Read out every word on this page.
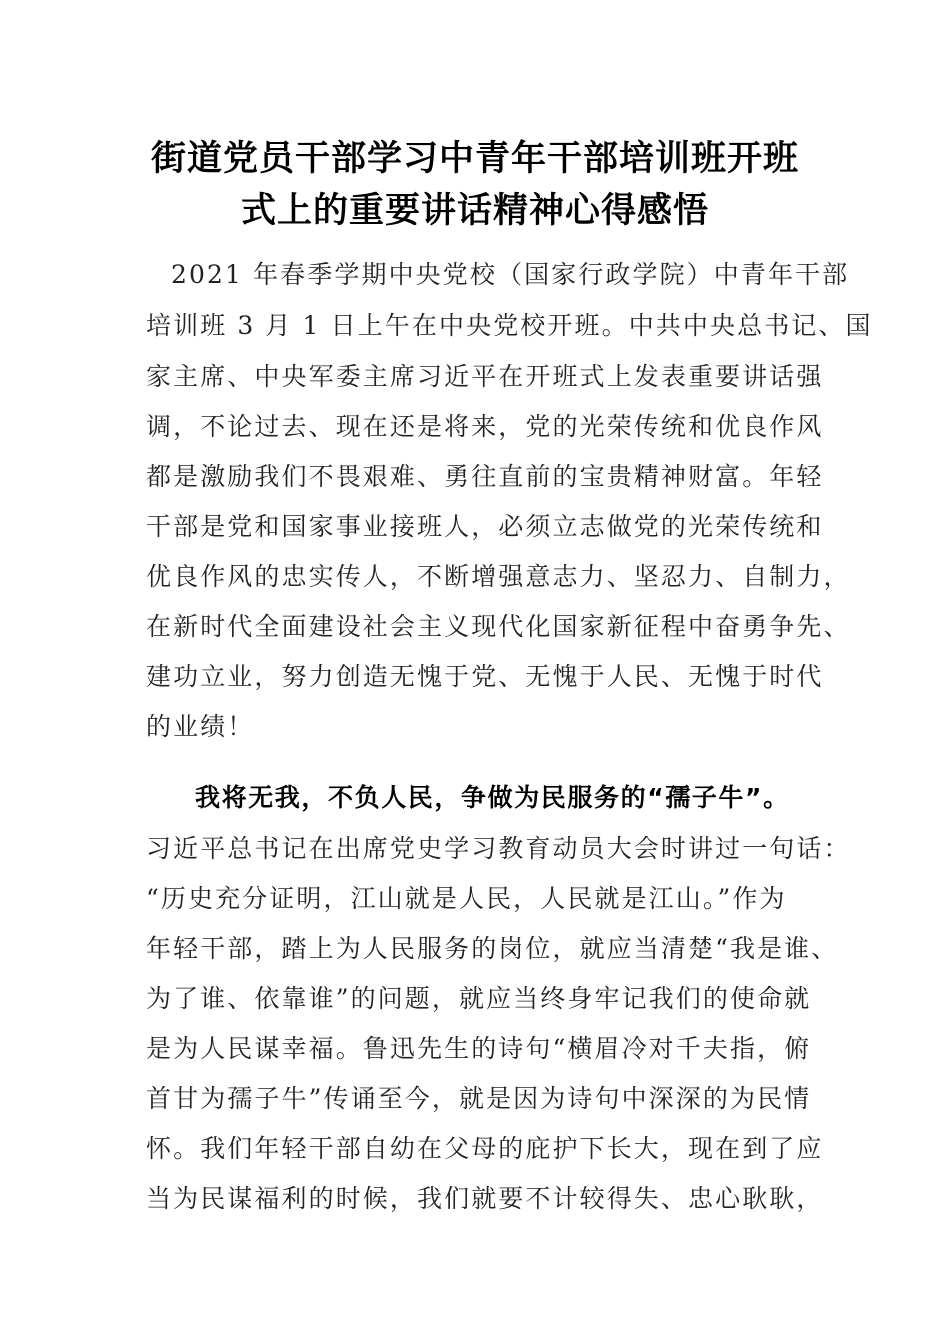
街道党员干部学习中青年干部培训班开班
式上的重要讲话精神心得感悟
2021 年春季学期中央党校（国家行政学院）中青年干部
培训班 3 月 1 日上午在中央党校开班。中共中央总书记、国
家主席、中央军委主席习近平在开班式上发表重要讲话强
调，不论过去、现在还是将来，党的光荣传统和优良作风
都是激励我们不畏艰难、勇往直前的宝贵精神财富。年轻
干部是党和国家事业接班人，必须立志做党的光荣传统和
优良作风的忠实传人，不断增强意志力、坚忍力、自制力，
在新时代全面建设社会主义现代化国家新征程中奋勇争先、
建功立业，努力创造无愧于党、无愧于人民、无愧于时代
的业绩！
我将无我，不负人民，争做为民服务的“孺子牛”。
习近平总书记在出席党史学习教育动员大会时讲过一句话：
“历史充分证明，江山就是人民，人民就是江山。”作为
年轻干部，踏上为人民服务的岗位，就应当清楚“我是谁、
为了谁、依靠谁”的问题，就应当终身牢记我们的使命就
是为人民谋幸福。鲁迅先生的诗句“横眉冷对千夫指，俯
首甘为孺子牛”传诵至今，就是因为诗句中深深的为民情
怀。我们年轻干部自幼在父母的庇护下长大，现在到了应
当为民谋福利的时候，我们就要不计较得失、忠心耿耿，
